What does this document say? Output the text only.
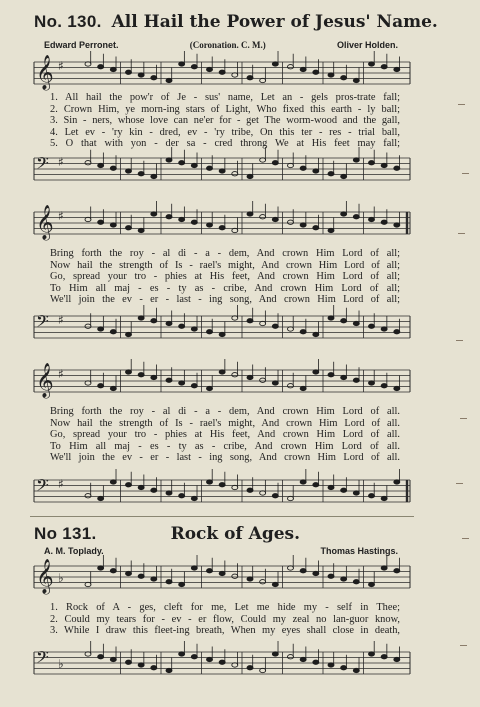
No. 130. All Hail the Power of Jesus' Name.
Edward Perronet.	(Coronation. C. M.)	Oliver Holden.
𝄞 ♯
1. All hail the pow'r of Je - sus' name, Let an - gels pros-trate fall;
2. Crown Him, ye morn-ing stars of Light, Who fixed this earth - ly ball;
3. Sin - ners, whose love can ne'er for - get The worm-wood and the gall,
4. Let ev - 'ry kin - dred, ev - 'ry tribe, On this ter - res - trial ball,
5. O that with yon - der sa - cred throng We at His feet may fall;
𝄢 ♯
𝄞 ♯
Bring forth the roy - al di - a - dem, And crown Him Lord of all;
Now hail the strength of Is - rael's might, And crown Him Lord of all;
Go, spread your tro - phies at His feet, And crown Him Lord of all;
To Him all maj - es - ty as - cribe, And crown Him Lord of all;
We'll join the ev - er - last - ing song, And crown Him Lord of all;
𝄢 ♯
𝄞 ♯
Bring forth the roy - al di - a - dem, And crown Him Lord of all.
Now hail the strength of Is - rael's might, And crown Him Lord of all.
Go, spread your tro - phies at His feet, And crown Him Lord of all.
To Him all maj - es - ty as - cribe, And crown Him Lord of all.
We'll join the ev - er - last - ing song, And crown Him Lord of all.
𝄢 ♯
No 131.	Rock of Ages.
A. M. Toplady.	Thomas Hastings.
𝄞 ♭
1. Rock of A - ges, cleft for me, Let me hide my - self in Thee;
2. Could my tears for - ev - er flow, Could my zeal no lan-guor know,
3. While I draw this fleet-ing breath, When my eyes shall close in death,
𝄢 ♭
